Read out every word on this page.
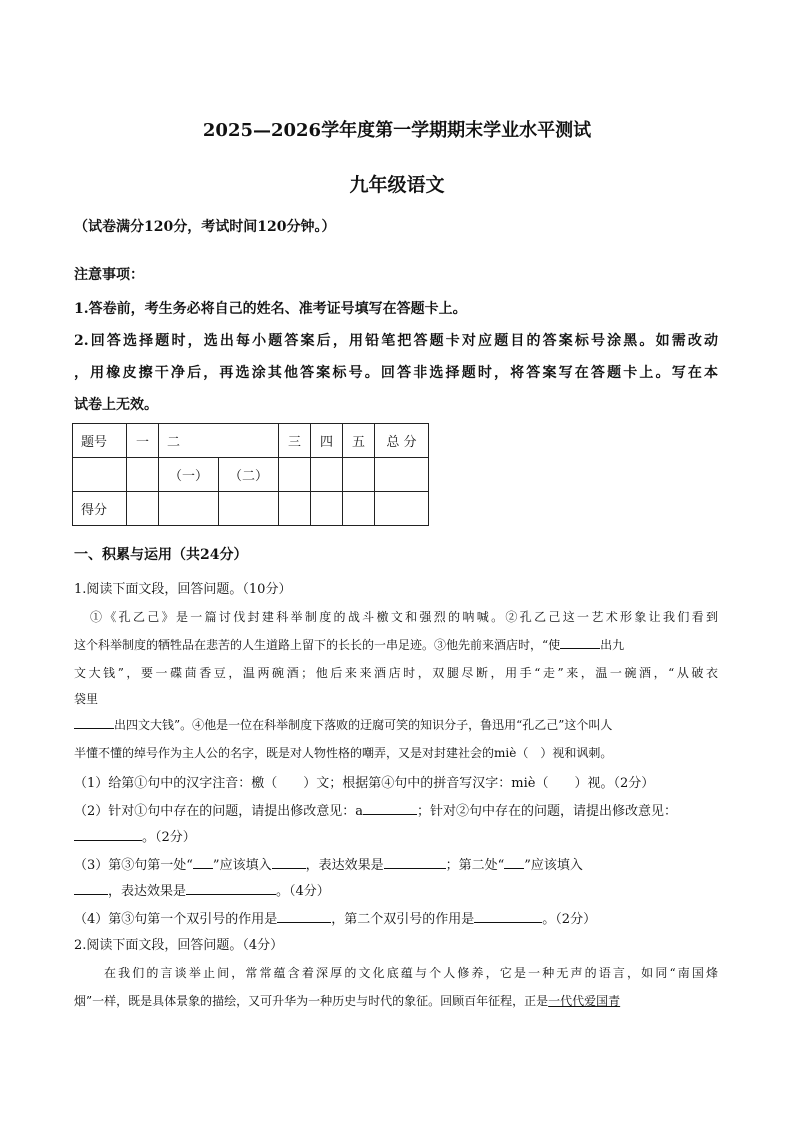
2025—2026学年度第一学期期末学业水平测试
九年级语文
（试卷满分120分，考试时间120分钟。）
注意事项：
1.答卷前，考生务必将自己的姓名、准考证号填写在答题卡上。
2.回答选择题时，选出每小题答案后，用铅笔把答题卡对应题目的答案标号涂黑。如需改动
，用橡皮擦干净后，再选涂其他答案标号。回答非选择题时，将答案写在答题卡上。写在本
试卷上无效。
题号	一	二		三	四	五	总 分
		（一）	（二）				
得分							
一、积累与运用（共24分）
1.阅读下面文段，回答问题。（10分）
①《孔乙己》是一篇讨伐封建科举制度的战斗檄文和强烈的呐喊。②孔乙己这一艺术形象让我们看到
这个科举制度的牺牲品在悲苦的人生道路上留下的长长的一串足迹。③他先前来酒店时，“使	出九
文大钱”，要一碟茴香豆，温两碗酒；他后来来酒店时，双腿尽断，用手“走”来，温一碗酒，“从破衣
袋里
出四文大钱”。④他是一位在科举制度下落败的迂腐可笑的知识分子，鲁迅用“孔乙己”这个叫人
半懂不懂的绰号作为主人公的名字，既是对人物性格的嘲弄，又是对封建社会的miè（　）视和讽刺。
（1）给第①句中的汉字注音：檄（　　）文；根据第④句中的拼音写汉字：miè（　　）视。（2分）
（2）针对①句中存在的问题，请提出修改意见：a	；针对②句中存在的问题，请提出修改意见：
。（2分）
（3）第③句第一处“ ”应该填入	，表达效果是	；第二处“ ”应该填入
，表达效果是	。（4分）
（4）第③句第一个双引号的作用是	，第二个双引号的作用是	。（2分）
2.阅读下面文段，回答问题。（4分）
在我们的言谈举止间，常常蕴含着深厚的文化底蕴与个人修养，它是一种无声的语言，如同“南国烽
烟”一样，既是具体景象的描绘，又可升华为一种历史与时代的象征。回顾百年征程，正是一代代爱国青
